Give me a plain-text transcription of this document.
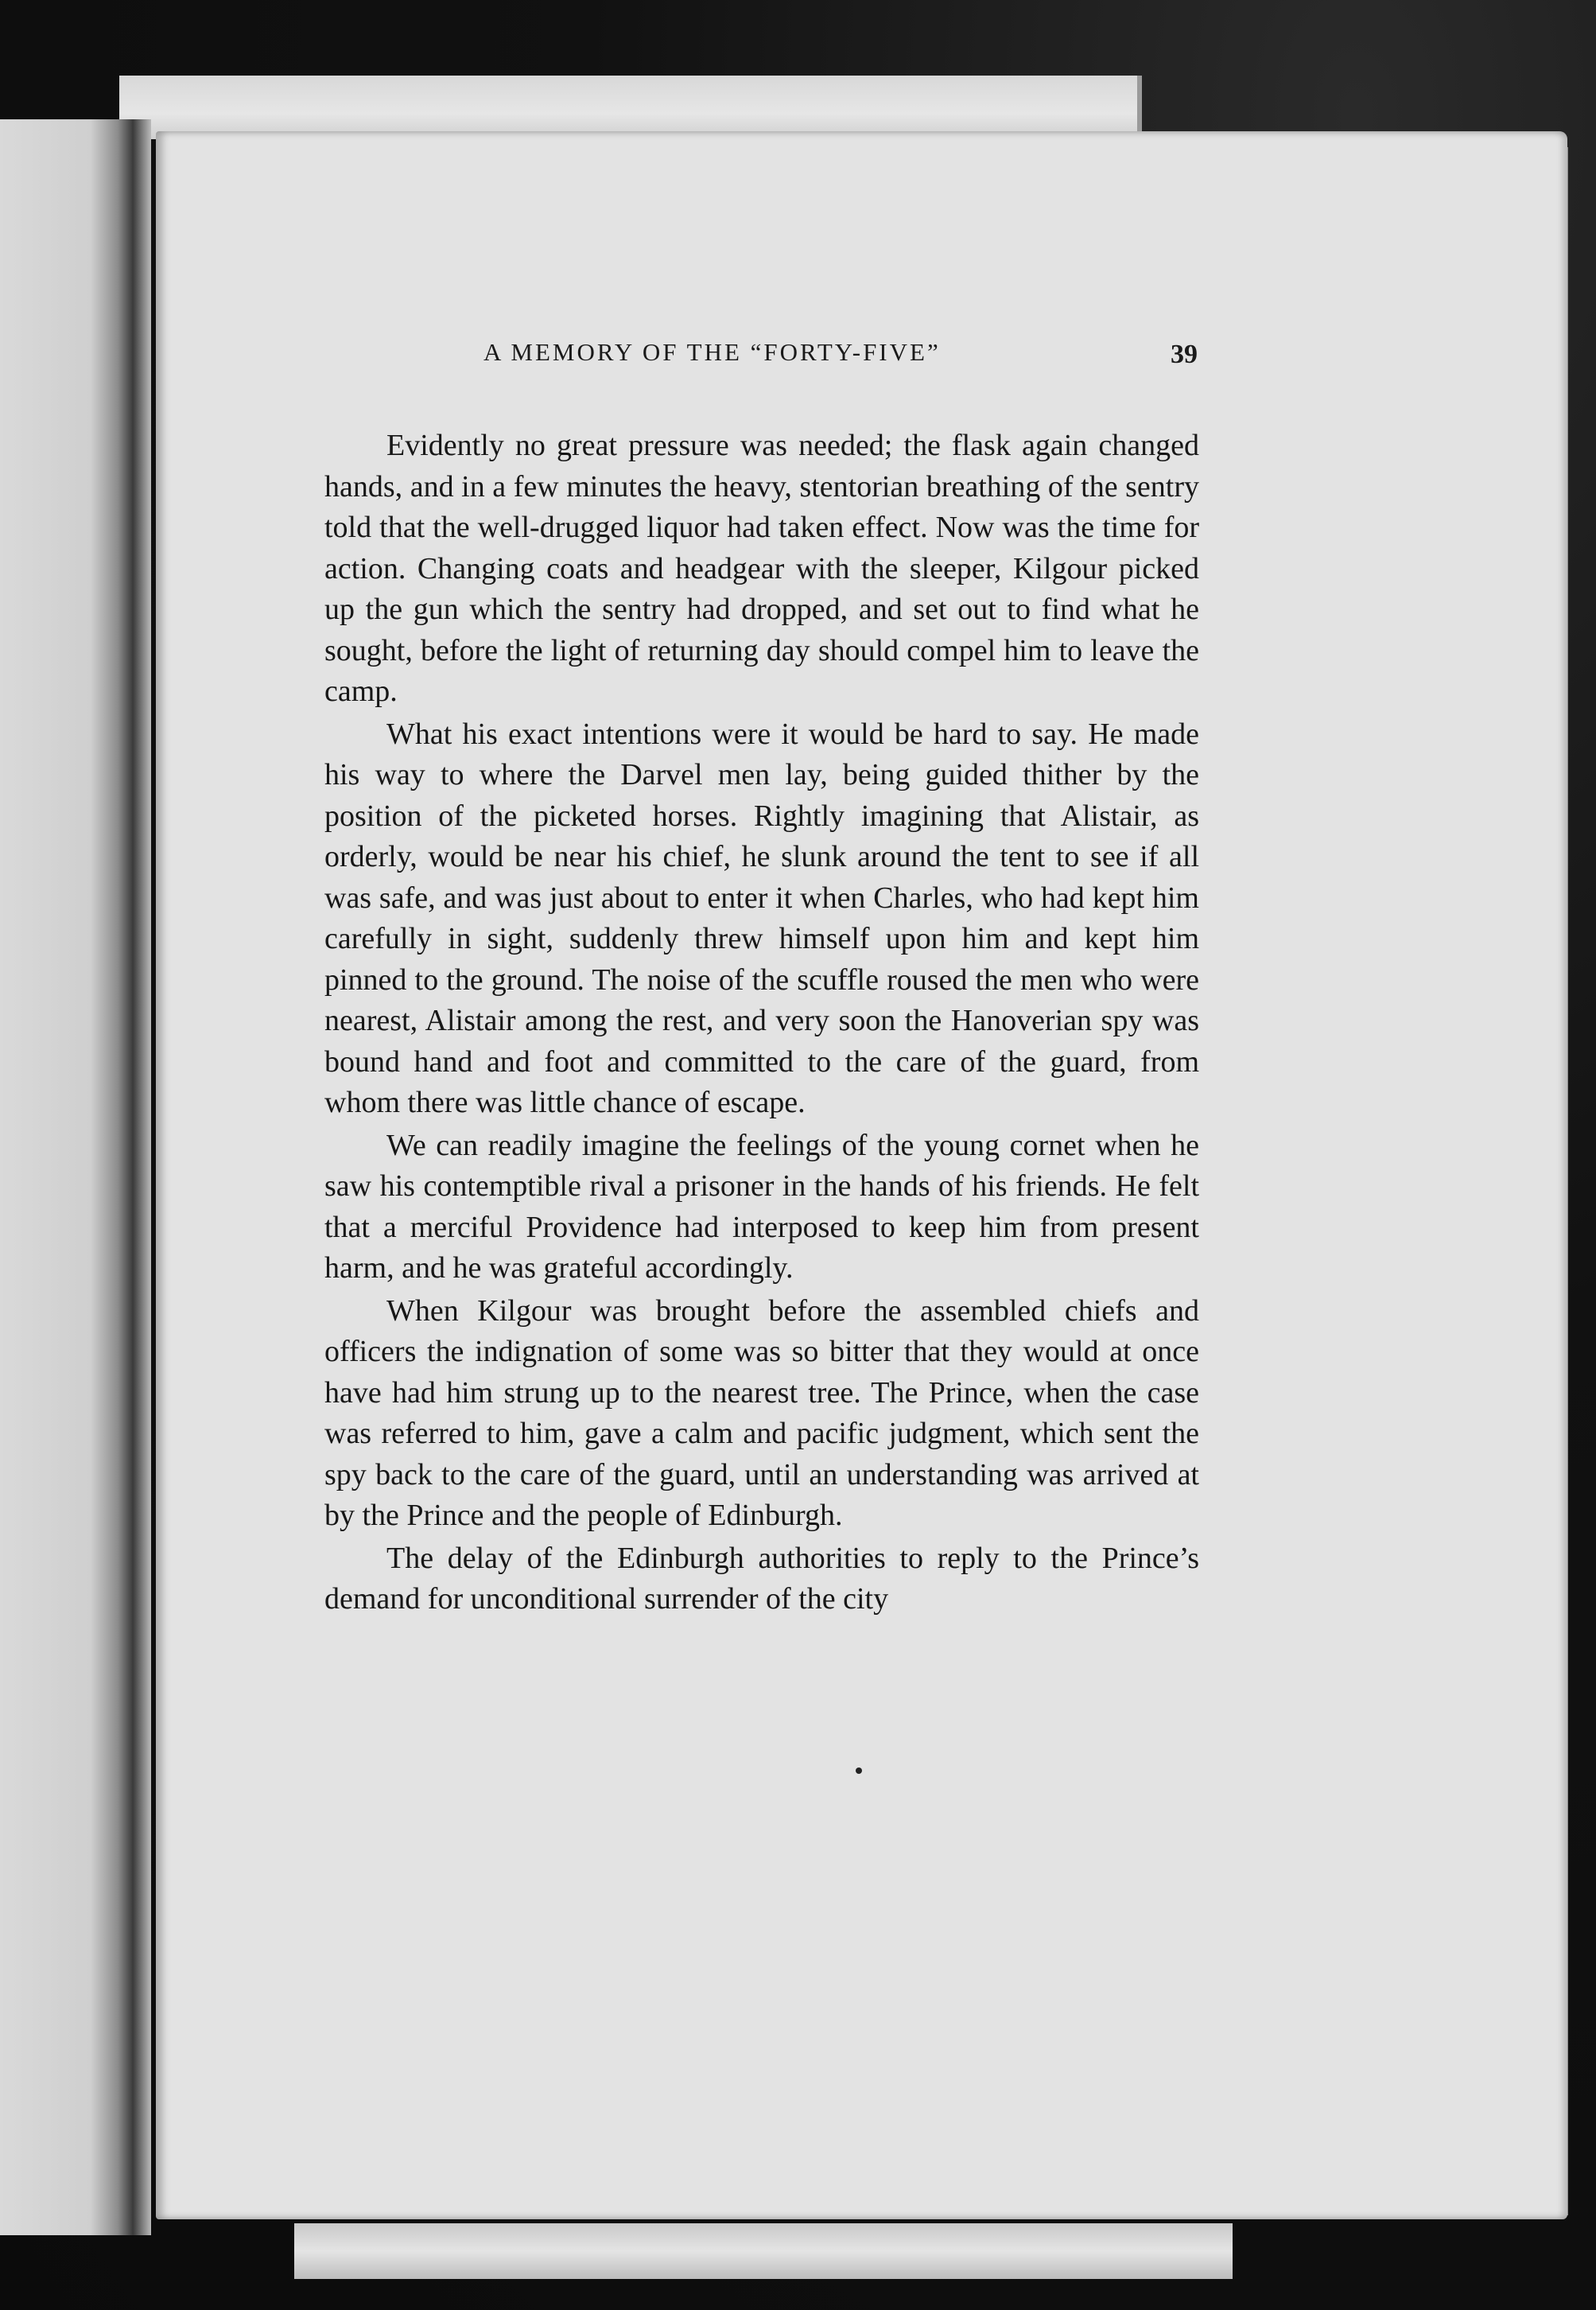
A MEMORY OF THE “FORTY-FIVE”	39

Evidently no great pressure was needed; the flask again changed hands, and in a few minutes the heavy, stentorian breathing of the sentry told that the well-drugged liquor had taken effect. Now was the time for action. Changing coats and headgear with the sleeper, Kilgour picked up the gun which the sentry had dropped, and set out to find what he sought, before the light of returning day should compel him to leave the camp.

What his exact intentions were it would be hard to say. He made his way to where the Darvel men lay, being guided thither by the position of the picketed horses. Rightly imagining that Alistair, as orderly, would be near his chief, he slunk around the tent to see if all was safe, and was just about to enter it when Charles, who had kept him carefully in sight, suddenly threw himself upon him and kept him pinned to the ground. The noise of the scuffle roused the men who were nearest, Alistair among the rest, and very soon the Hanoverian spy was bound hand and foot and committed to the care of the guard, from whom there was little chance of escape.

We can readily imagine the feelings of the young cornet when he saw his contemptible rival a prisoner in the hands of his friends. He felt that a merciful Providence had interposed to keep him from present harm, and he was grateful accordingly.

When Kilgour was brought before the assembled chiefs and officers the indignation of some was so bitter that they would at once have had him strung up to the nearest tree. The Prince, when the case was referred to him, gave a calm and pacific judgment, which sent the spy back to the care of the guard, until an understanding was arrived at by the Prince and the people of Edinburgh.

The delay of the Edinburgh authorities to reply to the Prince’s demand for unconditional surrender of the city
